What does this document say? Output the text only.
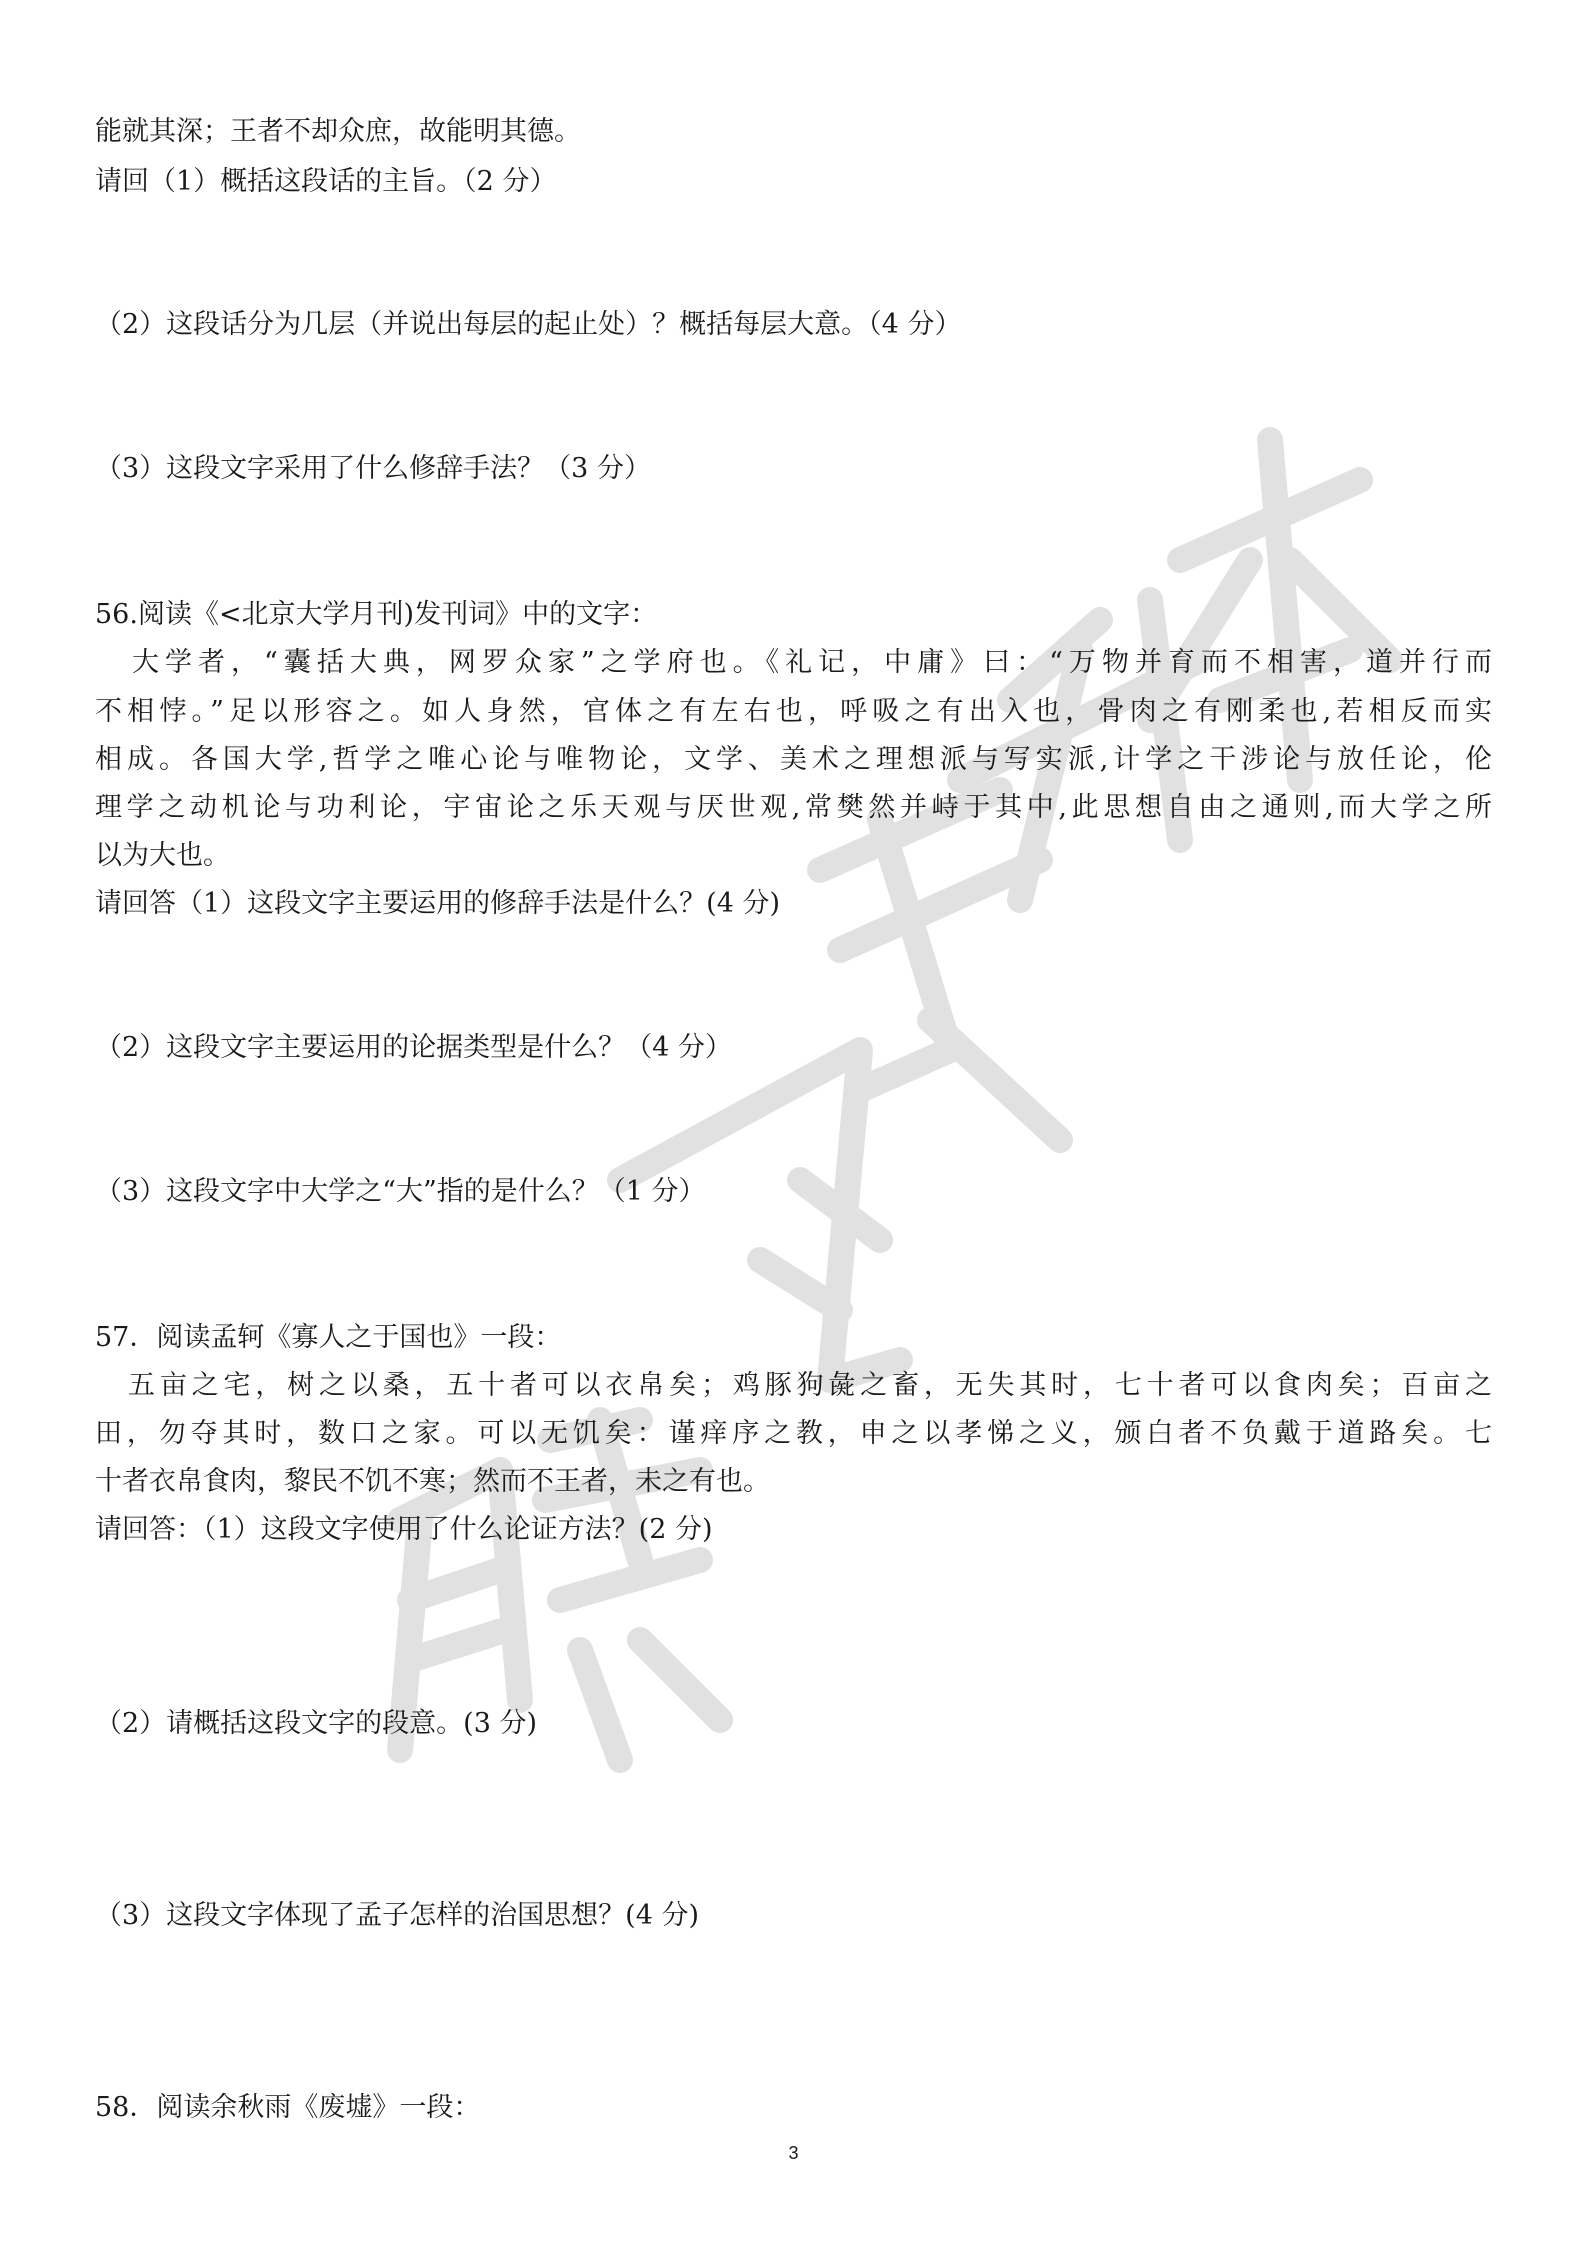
能就其深；王者不却众庶，故能明其德。
请回（1）概括这段话的主旨。（2 分）
（2）这段话分为几层（并说出每层的起止处）？概括每层大意。（4 分）
（3）这段文字采用了什么修辞手法？（3 分）
56.阅读《<北京大学月刊)发刊词》中的文字：
大学者，“囊括大典，网罗众家”之学府也。《礼记，中庸》曰：“万物并育而不相害，道并行而
不相悖。”足以形容之。如人身然，官体之有左右也，呼吸之有出入也，骨肉之有刚柔也,若相反而实
相成。各国大学,哲学之唯心论与唯物论，文学、美术之理想派与写实派,计学之干涉论与放任论，伦
理学之动机论与功利论，宇宙论之乐天观与厌世观,常樊然并峙于其中,此思想自由之通则,而大学之所
以为大也。
请回答（1）这段文字主要运用的修辞手法是什么？(4 分)
（2）这段文字主要运用的论据类型是什么？（4 分）
（3）这段文字中大学之“大”指的是什么？（1 分）
57．阅读孟轲《寡人之于国也》一段：
五亩之宅，树之以桑，五十者可以衣帛矣；鸡豚狗彘之畜，无失其时，七十者可以食肉矣；百亩之
田，勿夺其时，数口之家。可以无饥矣：谨痒序之教，申之以孝悌之义，颁白者不负戴于道路矣。七
十者衣帛食肉，黎民不饥不寒；然而不王者，未之有也。
请回答：（1）这段文字使用了什么论证方法？(2 分)
（2）请概括这段文字的段意。(3 分)
（3）这段文字体现了孟子怎样的治国思想？(4 分)
58．阅读余秋雨《废墟》一段：
3
